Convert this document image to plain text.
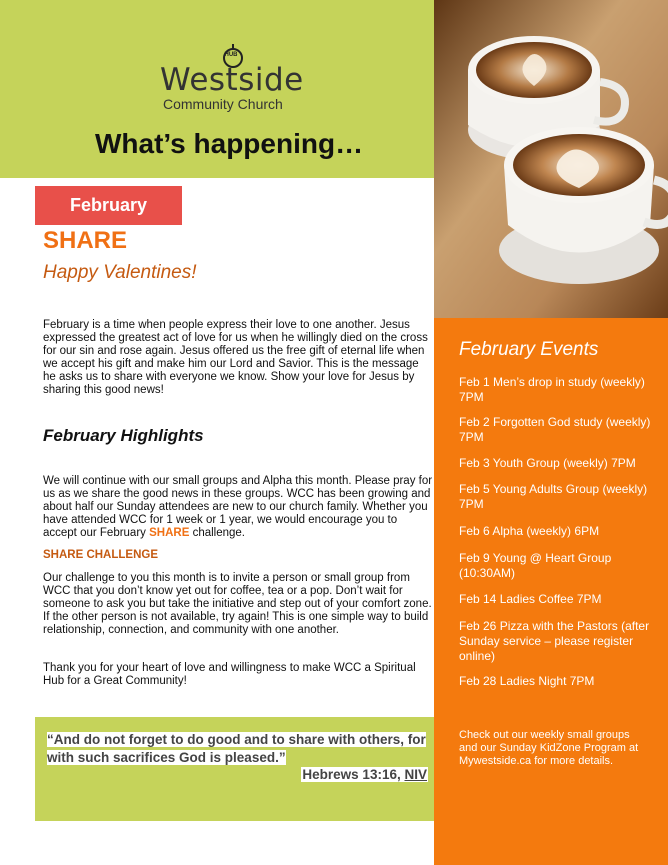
HUB
Westside
Community Church
What’s happening…
February Events
Feb 1 Men’s drop in study (weekly) 7PM
Feb 2 Forgotten God study (weekly) 7PM
Feb 3 Youth Group (weekly) 7PM
Feb 5 Young Adults Group (weekly) 7PM
Feb 6 Alpha (weekly) 6PM
Feb 9 Young @ Heart Group (10:30AM)
Feb 14 Ladies Coffee 7PM
Feb 26 Pizza with the Pastors (after Sunday service – please register online)
Feb 28 Ladies Night 7PM
Check out our weekly small groups and our Sunday KidZone Program at Mywestside.ca for more details.
February
SHARE
Happy Valentines!

February is a time when people express their love to one another. Jesus expressed the greatest act of love for us when he willingly died on the cross for our sin and rose again. Jesus offered us the free gift of eternal life when we accept his gift and make him our Lord and Savior. This is the message he asks us to share with everyone we know. Show your love for Jesus by sharing this good news!

February Highlights

We will continue with our small groups and Alpha this month. Please pray for us as we share the good news in these groups. WCC has been growing and about half our Sunday attendees are new to our church family. Whether you have attended WCC for 1 week or 1 year, we would encourage you to accept our February SHARE challenge.

SHARE CHALLENGE

Our challenge to you this month is to invite a person or small group from WCC that you don’t know yet out for coffee, tea or a pop. Don’t wait for someone to ask you but take the initiative and step out of your comfort zone. If the other person is not available, try again! This is one simple way to build relationship, connection, and community with one another.

Thank you for your heart of love and willingness to make WCC a Spiritual Hub for a Great Community!

“And do not forget to do good and to share with others, for with such sacrifices God is pleased.”
Hebrews 13:16, NIV
